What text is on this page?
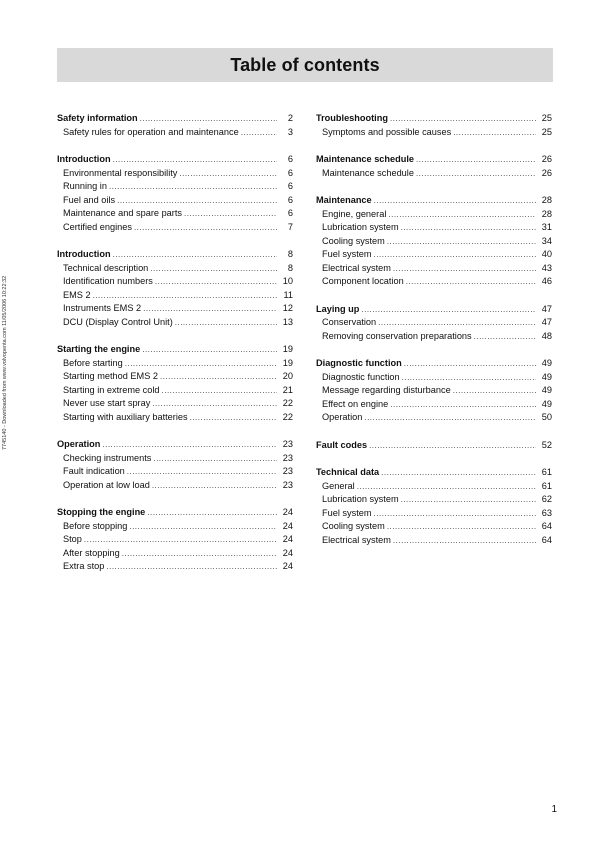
Table of contents
7745140 - Downloaded from www.volvopenta.com 11/05/2006 10:22:32
Safety information .....	2
Safety rules for operation and maintenance .....	3
Introduction .....	6
Environmental responsibility .....	6
Running in .....	6
Fuel and oils .....	6
Maintenance and spare parts .....	6
Certified engines .....	7
Introduction .....	8
Technical description .....	8
Identification numbers .....	10
EMS 2 .....	11
Instruments EMS 2 .....	12
DCU (Display Control Unit) .....	13
Starting the engine .....	19
Before starting .....	19
Starting method EMS 2 .....	20
Starting in extreme cold .....	21
Never use start spray .....	22
Starting with auxiliary batteries .....	22
Operation .....	23
Checking instruments .....	23
Fault indication .....	23
Operation at low load .....	23
Stopping the engine .....	24
Before stopping .....	24
Stop .....	24
After stopping .....	24
Extra stop .....	24
Troubleshooting .....	25
Symptoms and possible causes .....	25
Maintenance schedule .....	26
Maintenance schedule .....	26
Maintenance .....	28
Engine, general .....	28
Lubrication system .....	31
Cooling system .....	34
Fuel system .....	40
Electrical system .....	43
Component location .....	46
Laying up .....	47
Conservation .....	47
Removing conservation preparations .....	48
Diagnostic function .....	49
Diagnostic function .....	49
Message regarding disturbance .....	49
Effect on engine .....	49
Operation .....	50
Fault codes .....	52
Technical data .....	61
General .....	61
Lubrication system .....	62
Fuel system .....	63
Cooling system .....	64
Electrical system .....	64
1
